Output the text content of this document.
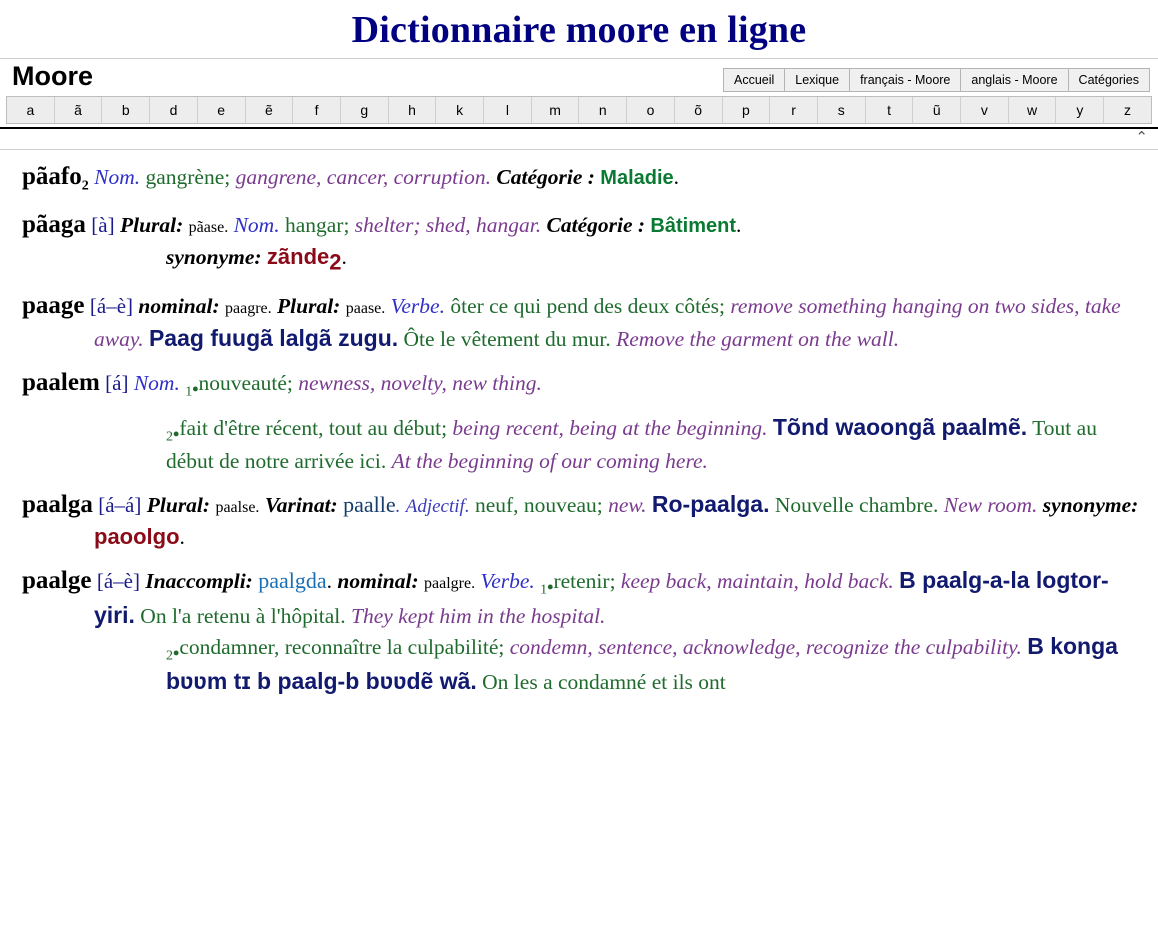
Dictionnaire moore en ligne
Moore	Accueil	Lexique	français - Moore	anglais - Moore	Catégories
a	ã	b	d	e	ẽ	f	g	h	k	l	m	n	o	õ	p	r	s	t	ũ	v	w	y	z
⌃
pãafo$_2$ Nom. gangrène; gangrene, cancer, corruption. Catégorie : Maladie.
pãaga [à] Plural: pãase. Nom. hangar; shelter; shed, hangar. Catégorie : Bâtiment.
synonyme: zãnde2.
paage [á–è] nominal: paagre. Plural: paase. Verbe. ôter ce qui pend des deux côtés; remove something hanging on two sides, take away. Paag fuugã lalgã zugu. Ôte le vêtement du mur. Remove the garment on the wall.
paalem [á] Nom. $_{1•}$nouveauté; newness, novelty, new thing.
$_{2•}$fait d'être récent, tout au début; being recent, being at the beginning. Tõnd waoongã paalmẽ. Tout au début de notre arrivée ici. At the beginning of our coming here.
paalga [á–á] Plural: paalse. Varinat: paalle. Adjectif. neuf, nouveau; new. Ro-paalga. Nouvelle chambre. New room. synonyme: paoolgo.
paalge [á–è] Inaccompli: paalgda. nominal: paalgre. Verbe. $_{1•}$retenir; keep back, maintain, hold back. B paalg-a-la logtor-yiri. On l'a retenu à l'hôpital. They kept him in the hospital.
$_{2•}$condamner, reconnaître la culpabilité; condemn, sentence, acknowledge, recognize the culpability. B konga bʋʋm tɪ b paalg-b bʋʋdẽ wã. On les a condamné et ils ont
